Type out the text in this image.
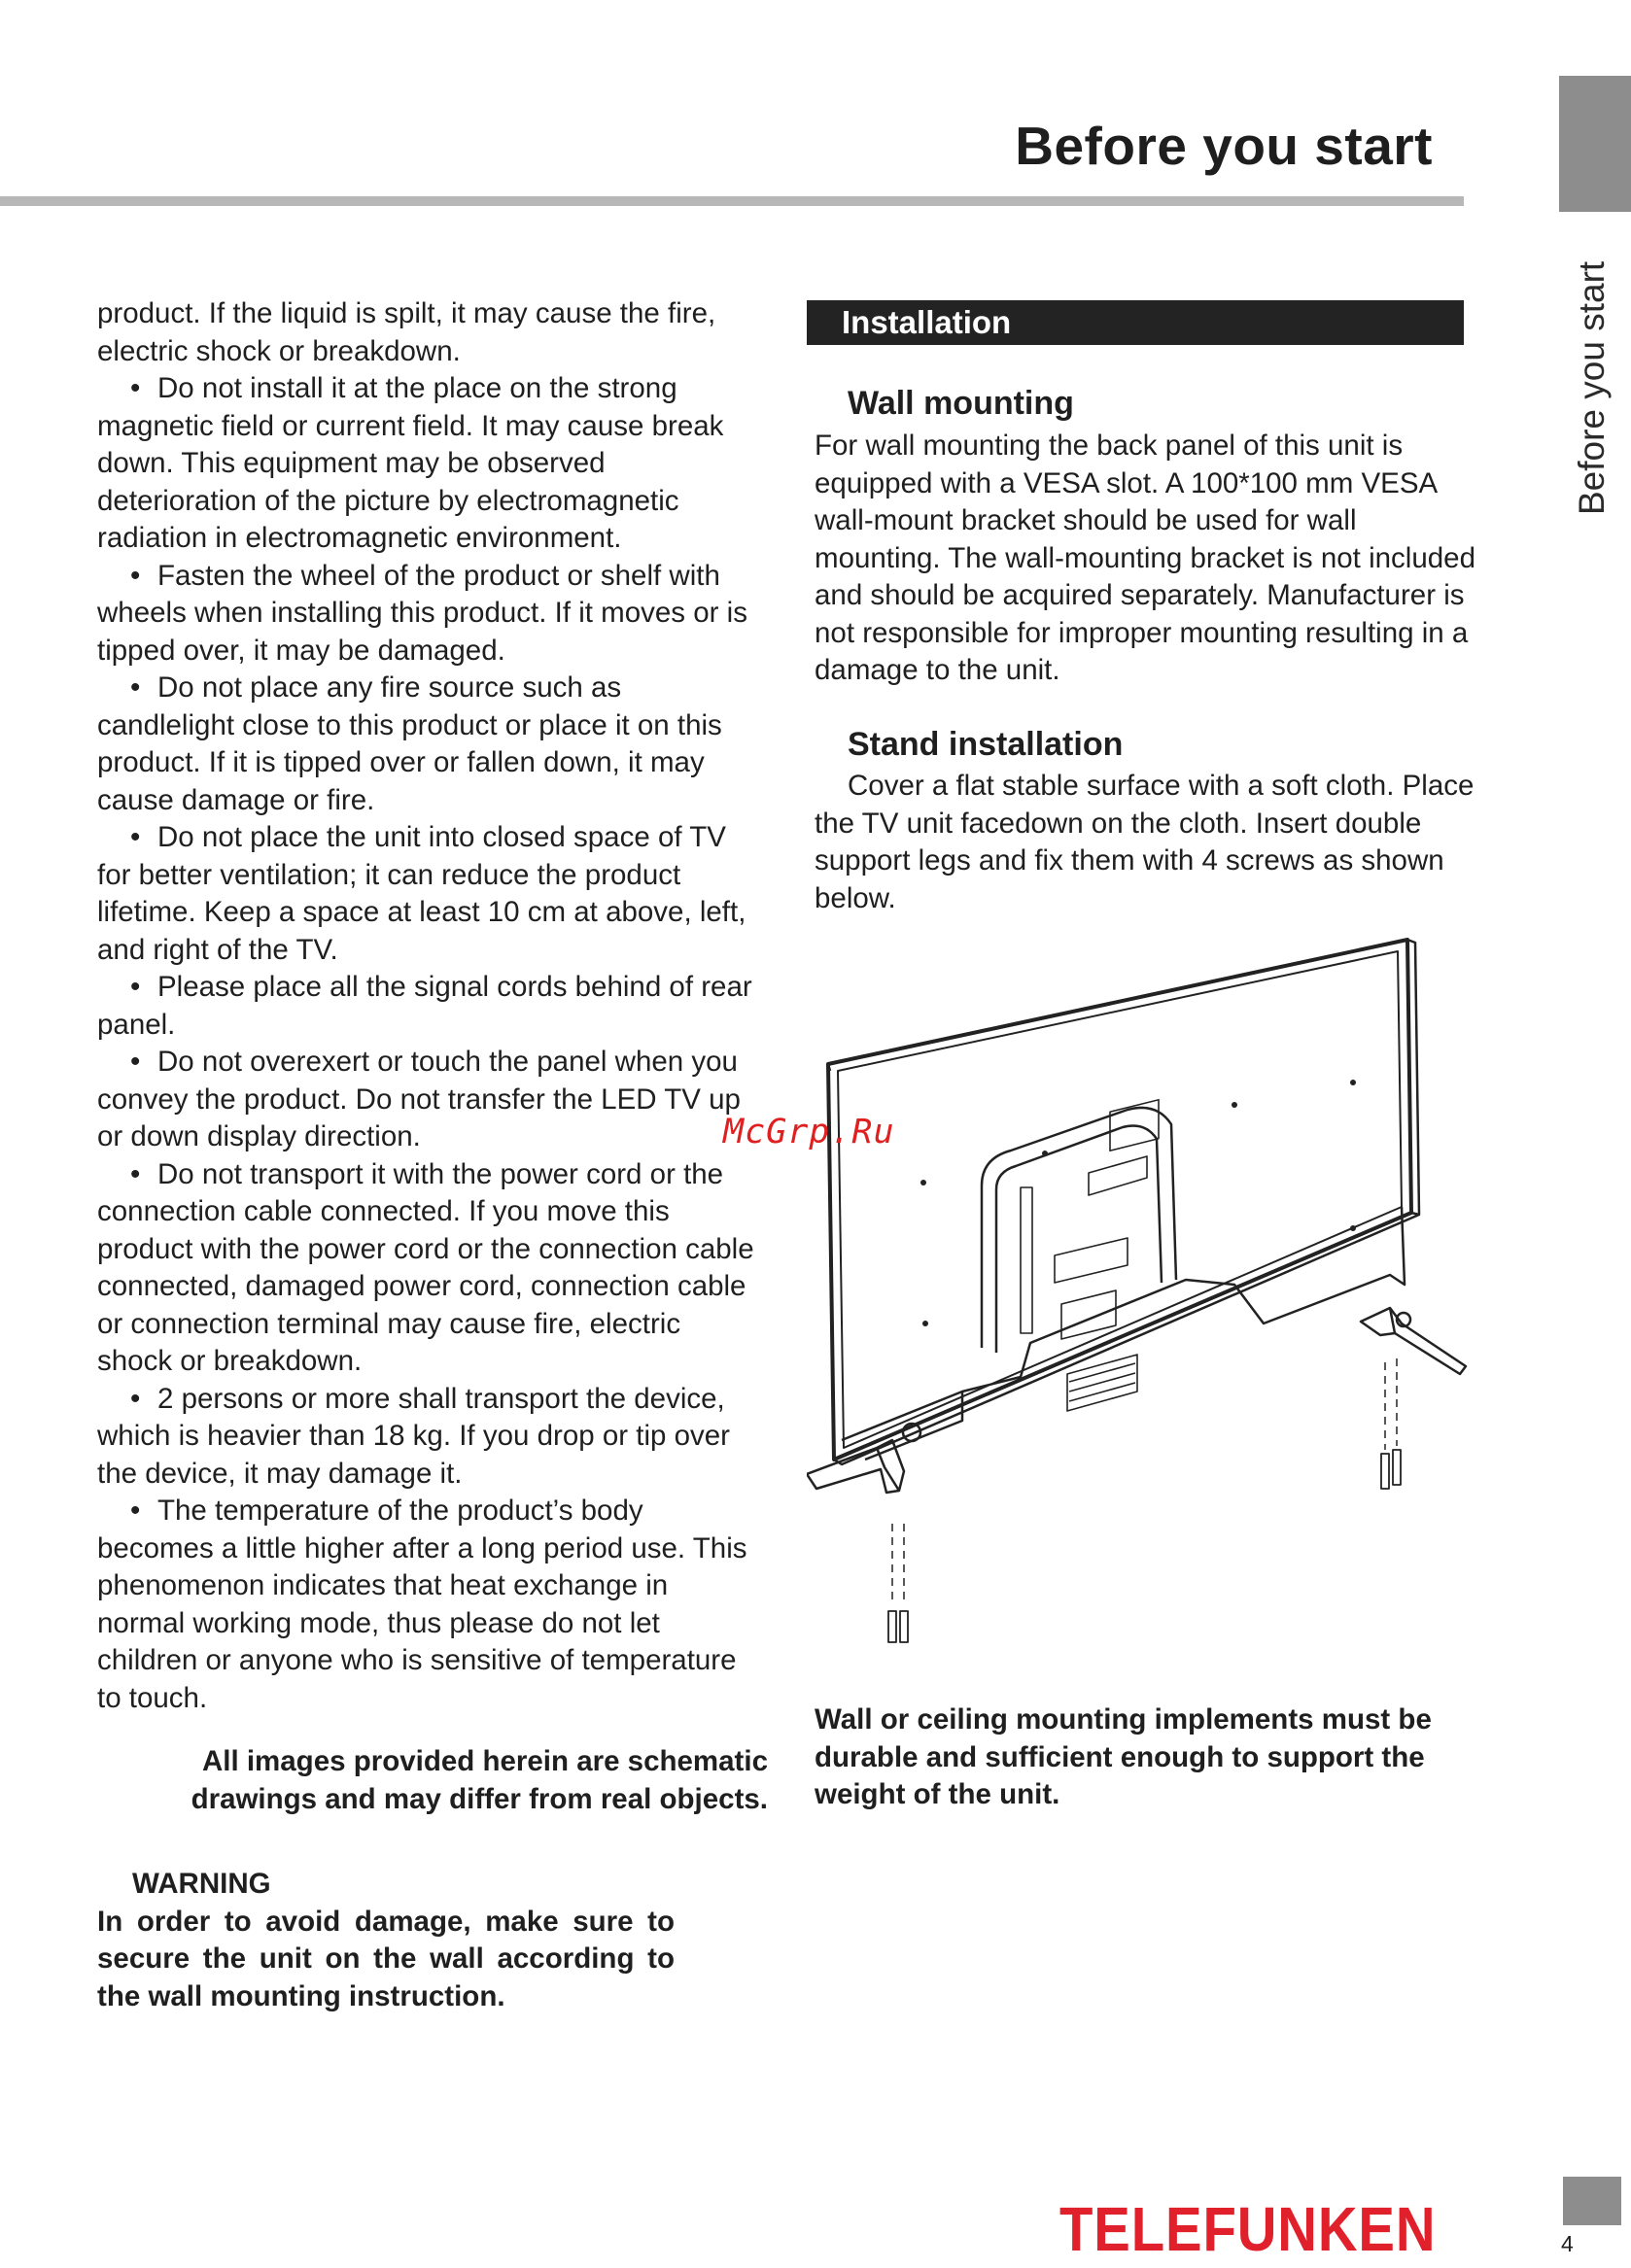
Before you start
Before you start

product. If the liquid is spilt, it may cause the fire, electric shock or breakdown.

• Do not install it at the place on the strong magnetic field or current field. It may cause break down. This equipment may be observed deterioration of the picture by electromagnetic radiation in electromagnetic environment.

• Fasten the wheel of the product or shelf with wheels when installing this product. If it moves or is tipped over, it may be damaged.

• Do not place any fire source such as candlelight close to this product or place it on this product. If it is tipped over or fallen down, it may cause damage or fire.

• Do not place the unit into closed space of TV for better ventilation; it can reduce the product lifetime. Keep a space at least 10 cm at above, left, and right of the TV.

• Please place all the signal cords behind of rear panel.

• Do not overexert or touch the panel when you convey the product. Do not transfer the LED TV up or down display direction.

• Do not transport it with the power cord or the connection cable connected. If you move this product with the power cord or the connection cable connected, damaged power cord, connection cable or connection terminal may cause fire, electric shock or breakdown.

• 2 persons or more shall transport the device, which is heavier than 18 kg. If you drop or tip over the device, it may damage it.

• The temperature of the product’s body becomes a little higher after a long period use. This phenomenon indicates that heat exchange in normal working mode, thus please do not let children or anyone who is sensitive of temperature to touch.

All images provided herein are schematic drawings and may differ from real objects.
WARNING
In order to avoid damage, make sure to secure the unit on the wall according to the wall mounting instruction.
Installation
Wall mounting
For wall mounting the back panel of this unit is equipped with a VESA slot. A 100*100 mm VESA wall-mount bracket should be used for wall mounting. The wall-mounting bracket is not included and should be acquired separately. Manufacturer is not responsible for improper mounting resulting in a damage to the unit.
Stand installation
Cover a flat stable surface with a soft cloth. Place the TV unit facedown on the cloth. Insert double support legs and fix them with 4 screws as shown below.
McGrp.Ru
Wall or ceiling mounting implements must be durable and sufficient enough to support the weight of the unit.
TELEFUNKEN	4
